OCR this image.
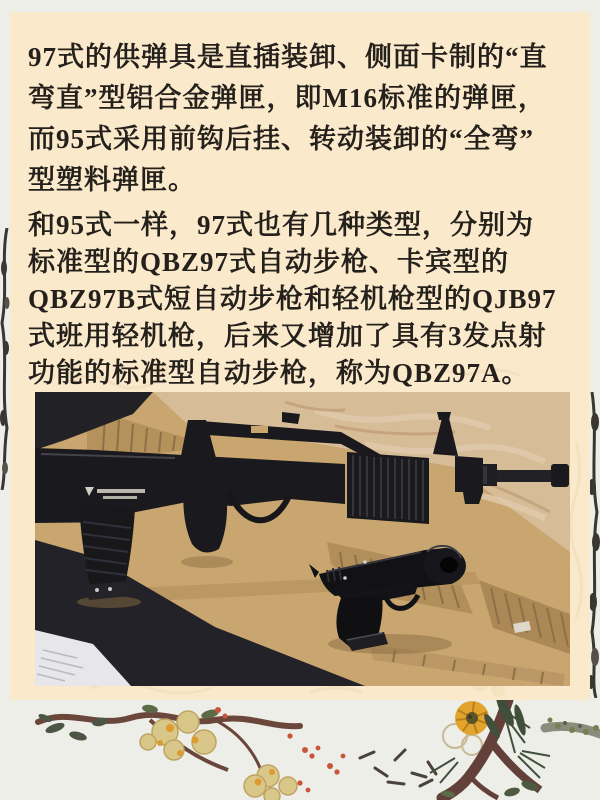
97式的供弹具是直插装卸、侧面卡制的“直
弯直”型铝合金弹匣，即M16标准的弹匣，
而95式采用前钩后挂、转动装卸的“全弯”
型塑料弹匣。
和95式一样，97式也有几种类型，分别为
标准型的QBZ97式自动步枪、卡宾型的
QBZ97B式短自动步枪和轻机枪型的QJB97
式班用轻机枪，后来又增加了具有3发点射
功能的标准型自动步枪，称为QBZ97A。
